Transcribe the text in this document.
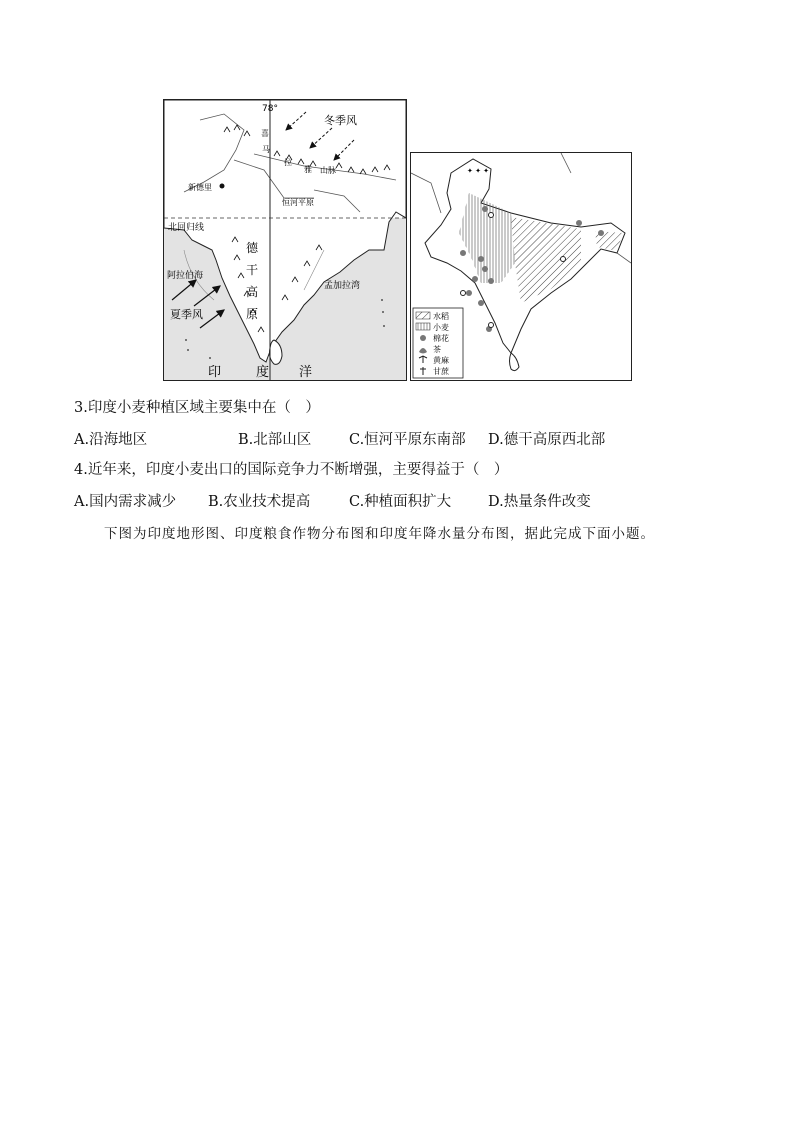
78°
北回归线
冬季风
喜
马
拉
雅 山 脉
新德里
恒河平原
德
干
高
原
阿拉伯海
孟加拉湾
夏季风
印	度 洋
✦ ✦ ✦
水稻
小麦
棉花
茶
黄麻
甘蔗
3.印度小麦种植区域主要集中在（　）
A.沿海地区	B.北部山区	C.恒河平原东南部 D.德干高原西北部
4.近年来，印度小麦出口的国际竞争力不断增强，主要得益于（　）
A.国内需求减少 B.农业技术提高	C.种植面积扩大	D.热量条件改变
下图为印度地形图、印度粮食作物分布图和印度年降水量分布图，据此完成下面小题。
